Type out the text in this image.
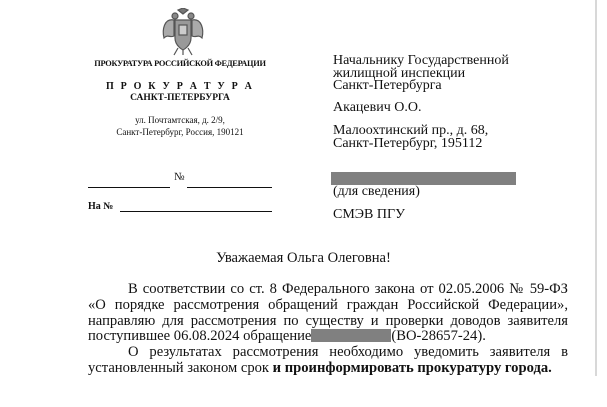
ПРОКУРАТУРА РОССИЙСКОЙ ФЕДЕРАЦИИ
П Р О К У Р А Т У Р А
САНКТ-ПЕТЕРБУРГА
ул. Почтамтская, д. 2/9,
Санкт-Петербург, Россия, 190121
№
На №
Начальнику Государственной
жилищной инспекции
Санкт-Петербурга
Акацевич О.О.
Малоохтинский пр., д. 68,
Санкт-Петербург, 195112
(для сведения)
СМЭВ ПГУ
Уважаемая Ольга Олеговна!
В соответствии со ст. 8 Федерального закона от 02.05.2006 № 59-ФЗ
«О порядке рассмотрения обращений граждан Российской Федерации»,
направляю для рассмотрения по существу и проверки доводов заявителя
поступившее 06.08.2024 обращение	(ВО-28657-24).
О результатах рассмотрения необходимо уведомить заявителя в
установленный законом срок и проинформировать прокуратуру города.
